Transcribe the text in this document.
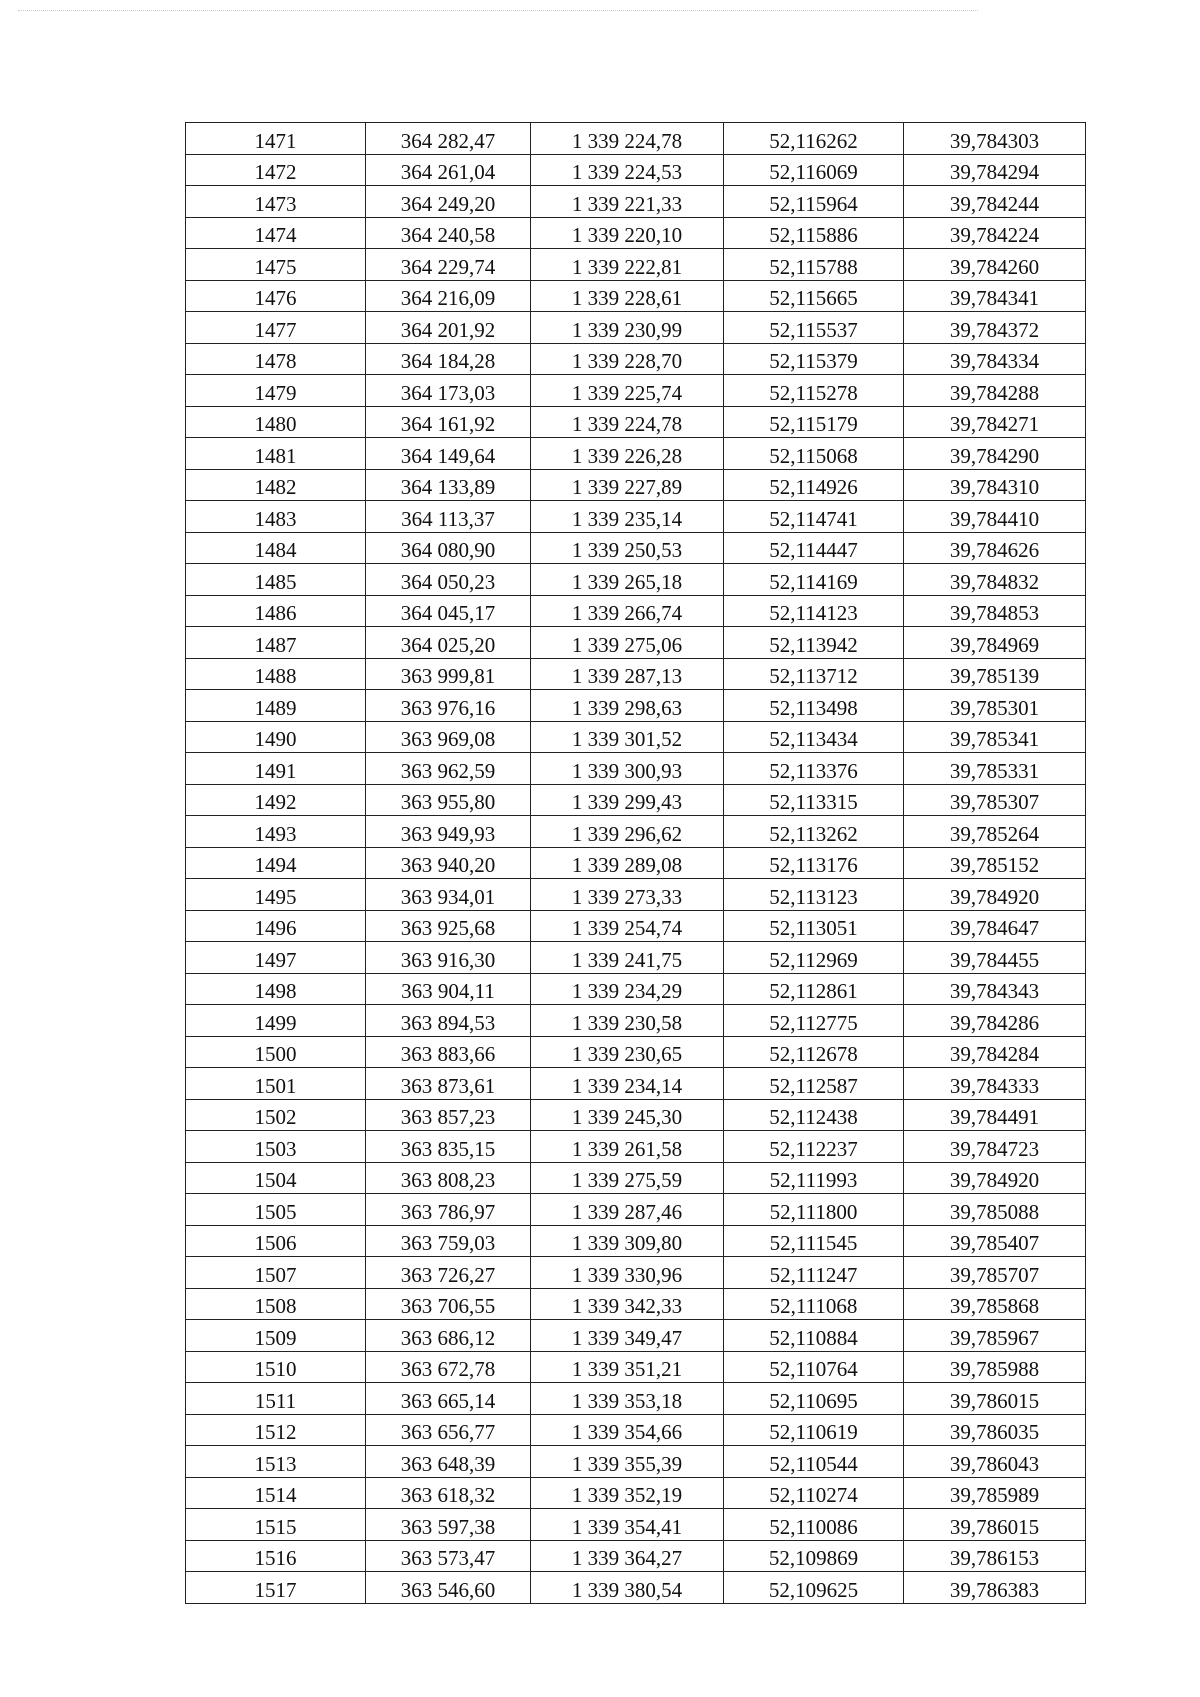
1471	364 282,47	1 339 224,78	52,116262	39,784303
1472	364 261,04	1 339 224,53	52,116069	39,784294
1473	364 249,20	1 339 221,33	52,115964	39,784244
1474	364 240,58	1 339 220,10	52,115886	39,784224
1475	364 229,74	1 339 222,81	52,115788	39,784260
1476	364 216,09	1 339 228,61	52,115665	39,784341
1477	364 201,92	1 339 230,99	52,115537	39,784372
1478	364 184,28	1 339 228,70	52,115379	39,784334
1479	364 173,03	1 339 225,74	52,115278	39,784288
1480	364 161,92	1 339 224,78	52,115179	39,784271
1481	364 149,64	1 339 226,28	52,115068	39,784290
1482	364 133,89	1 339 227,89	52,114926	39,784310
1483	364 113,37	1 339 235,14	52,114741	39,784410
1484	364 080,90	1 339 250,53	52,114447	39,784626
1485	364 050,23	1 339 265,18	52,114169	39,784832
1486	364 045,17	1 339 266,74	52,114123	39,784853
1487	364 025,20	1 339 275,06	52,113942	39,784969
1488	363 999,81	1 339 287,13	52,113712	39,785139
1489	363 976,16	1 339 298,63	52,113498	39,785301
1490	363 969,08	1 339 301,52	52,113434	39,785341
1491	363 962,59	1 339 300,93	52,113376	39,785331
1492	363 955,80	1 339 299,43	52,113315	39,785307
1493	363 949,93	1 339 296,62	52,113262	39,785264
1494	363 940,20	1 339 289,08	52,113176	39,785152
1495	363 934,01	1 339 273,33	52,113123	39,784920
1496	363 925,68	1 339 254,74	52,113051	39,784647
1497	363 916,30	1 339 241,75	52,112969	39,784455
1498	363 904,11	1 339 234,29	52,112861	39,784343
1499	363 894,53	1 339 230,58	52,112775	39,784286
1500	363 883,66	1 339 230,65	52,112678	39,784284
1501	363 873,61	1 339 234,14	52,112587	39,784333
1502	363 857,23	1 339 245,30	52,112438	39,784491
1503	363 835,15	1 339 261,58	52,112237	39,784723
1504	363 808,23	1 339 275,59	52,111993	39,784920
1505	363 786,97	1 339 287,46	52,111800	39,785088
1506	363 759,03	1 339 309,80	52,111545	39,785407
1507	363 726,27	1 339 330,96	52,111247	39,785707
1508	363 706,55	1 339 342,33	52,111068	39,785868
1509	363 686,12	1 339 349,47	52,110884	39,785967
1510	363 672,78	1 339 351,21	52,110764	39,785988
1511	363 665,14	1 339 353,18	52,110695	39,786015
1512	363 656,77	1 339 354,66	52,110619	39,786035
1513	363 648,39	1 339 355,39	52,110544	39,786043
1514	363 618,32	1 339 352,19	52,110274	39,785989
1515	363 597,38	1 339 354,41	52,110086	39,786015
1516	363 573,47	1 339 364,27	52,109869	39,786153
1517	363 546,60	1 339 380,54	52,109625	39,786383
